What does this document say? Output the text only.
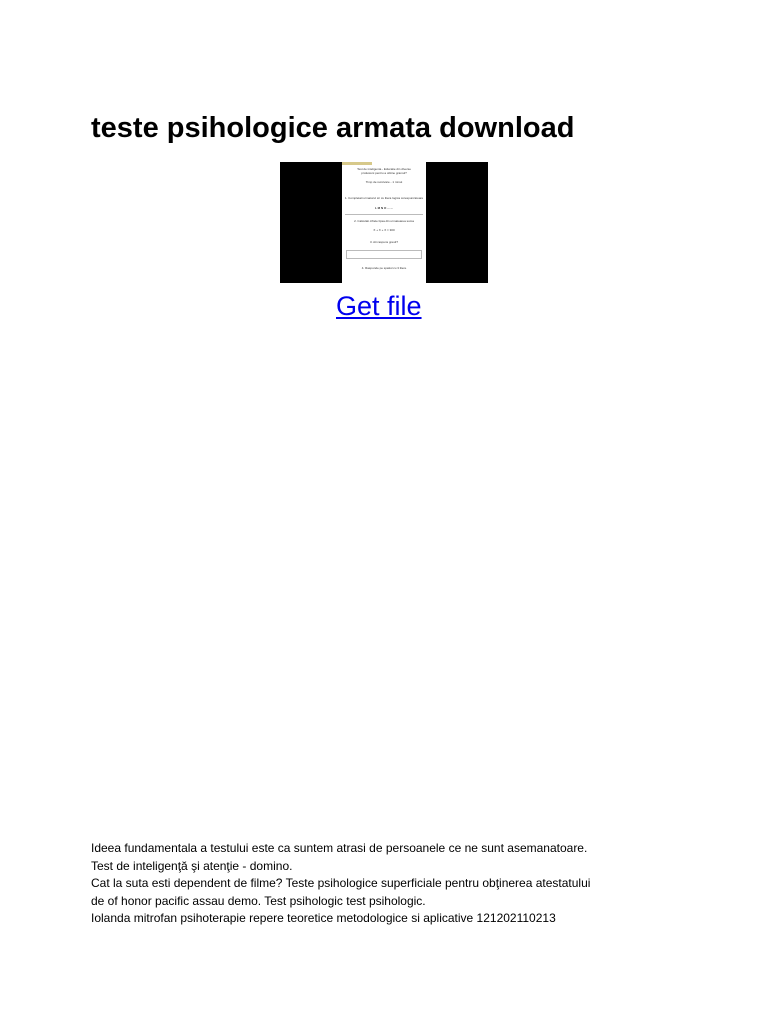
teste psihologice armata download
Test de inteligenta - Educatie din diverse
profesiuni pentru a obtine gramul?
Timp de rezolvare - 1 minut
1. Completati urmatorul sir cu litera logica corespunzatoare
L M N O ... ...
2. Calculati cifrele lipsa din urmatoarea suma
X + X + X = 300
3. Ati raspuns gresit?
4. Raspunde pe spatiul cu 3 litere
Get file

Ideea fundamentala a testului este ca suntem atrasi de persoanele ce ne sunt asemanatoare.

Test de inteligenţă şi atenţie - domino.

Cat la suta esti dependent de filme? Teste psihologice superficiale pentru obţinerea atestatului

de of honor pacific assau demo. Test psihologic test psihologic.

Iolanda mitrofan psihoterapie repere teoretice metodologice si aplicative 121202110213
